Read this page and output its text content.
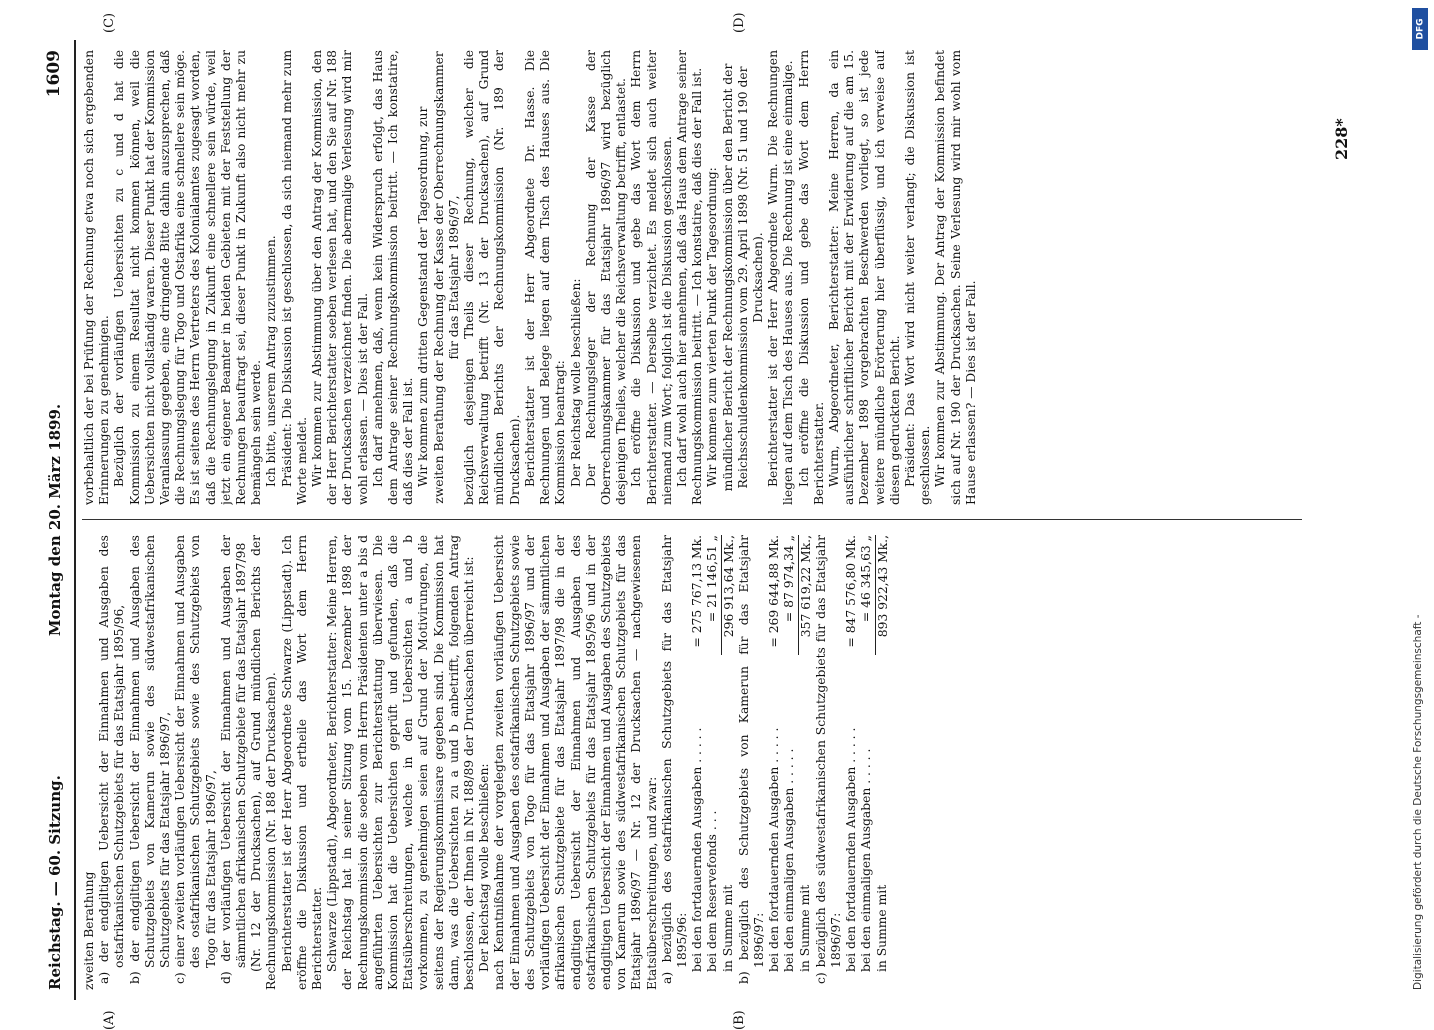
Reichstag. — 60. Sitzung.
Montag den 20. März 1899.
1609

zweiten Berathung a) der endgiltigen Uebersicht der Einnahmen und Ausgaben des ostafrikanischen Schutzgebiets für das Etatsjahr 1895/96, b) der endgiltigen Uebersicht der Einnahmen und Ausgaben des Schutzgebiets von Kamerun sowie des südwestafrikanischen Schutzgebiets für das Etatsjahr 1896/97, c) einer zweiten vorläufigen Uebersicht der Einnahmen und Ausgaben des ostafrikanischen Schutzgebiets sowie des Schutzgebiets von Togo für das Etatsjahr 1896/97, d) der vorläufigen Uebersicht der Einnahmen und Ausgaben der sämmtlichen afrikanischen Schutzgebiete für das Etatsjahr 1897/98 (Nr. 12 der Drucksachen), auf Grund mündlichen Berichts der Rechnungskommission (Nr. 188 der Drucksachen). Berichterstatter ist der Herr Abgeordnete Schwarze (Lippstadt). Ich eröffne die Diskussion und ertheile das Wort dem Herrn Berichterstatter. Schwarze (Lippstadt), Abgeordneter, Berichterstatter: Meine Herren, der Reichstag hat in seiner Sitzung vom 15. Dezember 1898 der Rechnungskommission die soeben vom Herrn Präsidenten unter a bis d angeführten Uebersichten zur Berichterstattung überwiesen. Die Kommission hat die Uebersichten geprüft und gefunden, daß die Etatsüberschreitungen, welche in den Uebersichten a und b vorkommen, zu genehmigen seien auf Grund der Motivirungen, die seitens der Regierungskommissare gegeben sind. Die Kommission hat dann, was die Uebersichten zu a und b anbetrifft, folgenden Antrag beschlossen, der Ihnen in Nr. 188/89 der Drucksachen überreicht ist: Der Reichstag wolle beschließen: nach Kenntnißnahme der vorgelegten zweiten vorläufigen Uebersicht der Einnahmen und Ausgaben des ostafrikanischen Schutzgebiets sowie des Schutzgebiets von Togo für das Etatsjahr 1896/97 und der vorläufigen Uebersicht der Einnahmen und Ausgaben der sämmtlichen afrikanischen Schutzgebiete für das Etatsjahr 1897/98 die in der endgiltigen Uebersicht der Einnahmen und Ausgaben des ostafrikanischen Schutzgebiets für das Etatsjahr 1895/96 und in der endgiltigen Uebersicht der Einnahmen und Ausgaben des Schutzgebiets von Kamerun sowie des südwestafrikanischen Schutzgebiets für das Etatsjahr 1896/97 — Nr. 12 der Drucksachen — nachgewiesenen Etatsüberschreitungen, und zwar: a) bezüglich des ostafrikanischen Schutzgebiets für das Etatsjahr 1895/96: bei den fortdauernden Ausgaben . . . . .
= 275 767,13 Mk.

bei dem Reservefonds . . .
= 21 146,51 „

in Summe mit
296 913,64 Mk., b) bezüglich des Schutzgebiets von Kamerun für das Etatsjahr 1896/97: bei den fortdauernden Ausgaben . . . . .
= 269 644,88 Mk.

bei den einmaligen Ausgaben . . . . .
= 87 974,34 „

in Summe mit
357 619,22 Mk., c) bezüglich des südwestafrikanischen Schutzgebiets für das Etatsjahr 1896/97: bei den fortdauernden Ausgaben . . . . .
= 847 576,80 Mk.

bei den einmaligen Ausgaben . . . . .
= 46 345,63 „

in Summe mit
893 922,43 Mk.,

vorbehaltlich der bei Prüfung der Rechnung etwa noch sich ergebenden Erinnerungen zu genehmigen. Bezüglich der vorläufigen Uebersichten zu c und d hat die Kommission zu einem Resultat nicht kommen können, weil die Uebersichten nicht vollständig waren. Dieser Punkt hat der Kommission Veranlassung gegeben, eine dringende Bitte dahin auszusprechen, daß die Rechnungslegung für Togo und Ostafrika eine schnellere sein möge. Es ist seitens des Herrn Vertreters des Kolonialamtes zugesagt worden, daß die Rechnungslegung in Zukunft eine schnellere sein würde, weil jetzt ein eigener Beamter in beiden Gebieten mit der Feststellung der Rechnungen beauftragt sei, dieser Punkt in Zukunft also nicht mehr zu bemängeln sein werde. Ich bitte, unserem Antrag zuzustimmen. Präsident: Die Diskussion ist geschlossen, da sich niemand mehr zum Worte meldet. Wir kommen zur Abstimmung über den Antrag der Kommission, den der Herr Berichterstatter soeben verlesen hat, und den Sie auf Nr. 188 der Drucksachen verzeichnet finden. Die abermalige Verlesung wird mir wohl erlassen. — Dies ist der Fall. Ich darf annehmen, daß, wenn kein Widerspruch erfolgt, das Haus dem Antrage seiner Rechnungskommission beitritt. — Ich konstatire, daß dies der Fall ist. Wir kommen zum dritten Gegenstand der Tagesordnung, zur zweiten Berathung der Rechnung der Kasse der Oberrechnungskammer für das Etatsjahr 1896/97, bezüglich desjenigen Theils dieser Rechnung, welcher die Reichsverwaltung betrifft (Nr. 13 der Drucksachen), auf Grund mündlichen Berichts der Rechnungskommission (Nr. 189 der Drucksachen). Berichterstatter ist der Herr Abgeordnete Dr. Hasse. Die Rechnungen und Belege liegen auf dem Tisch des Hauses aus. Die Kommission beantragt: Der Reichstag wolle beschließen: Der Rechnungsleger der Rechnung der Kasse der Oberrechnungskammer für das Etatsjahr 1896/97 wird bezüglich desjenigen Theiles, welcher die Reichsverwaltung betrifft, entlastet. Ich eröffne die Diskussion und gebe das Wort dem Herrn Berichterstatter. — Derselbe verzichtet. Es meldet sich auch weiter niemand zum Wort; folglich ist die Diskussion geschlossen. Ich darf wohl auch hier annehmen, daß das Haus dem Antrage seiner Rechnungskommission beitritt. — Ich konstatire, daß dies der Fall ist. Wir kommen zum vierten Punkt der Tagesordnung: mündlicher Bericht der Rechnungskommission über den Bericht der Reichsschuldenkommission vom 29. April 1898 (Nr. 51 und 190 der Drucksachen). Berichterstatter ist der Herr Abgeordnete Wurm. Die Rechnungen liegen auf dem Tisch des Hauses aus. Die Rechnung ist eine einmalige. Ich eröffne die Diskussion und gebe das Wort dem Herrn Berichterstatter. Wurm, Abgeordneter, Berichterstatter: Meine Herren, da ein ausführlicher schriftlicher Bericht mit der Erwiderung auf die am 15. Dezember 1898 vorgebrachten Beschwerden vorliegt, so ist jede weitere mündliche Erörterung hier überflüssig, und ich verweise auf diesen gedruckten Bericht. Präsident: Das Wort wird nicht weiter verlangt; die Diskussion ist geschlossen. Wir kommen zur Abstimmung. Der Antrag der Kommission befindet sich auf Nr. 190 der Drucksachen. Seine Verlesung wird mir wohl vom Hause erlassen? — Dies ist der Fall.

(A)	(B)
(C)	(D)
228*
DFG
Digitalisierung gefördert durch die Deutsche Forschungsgemeinschaft -
